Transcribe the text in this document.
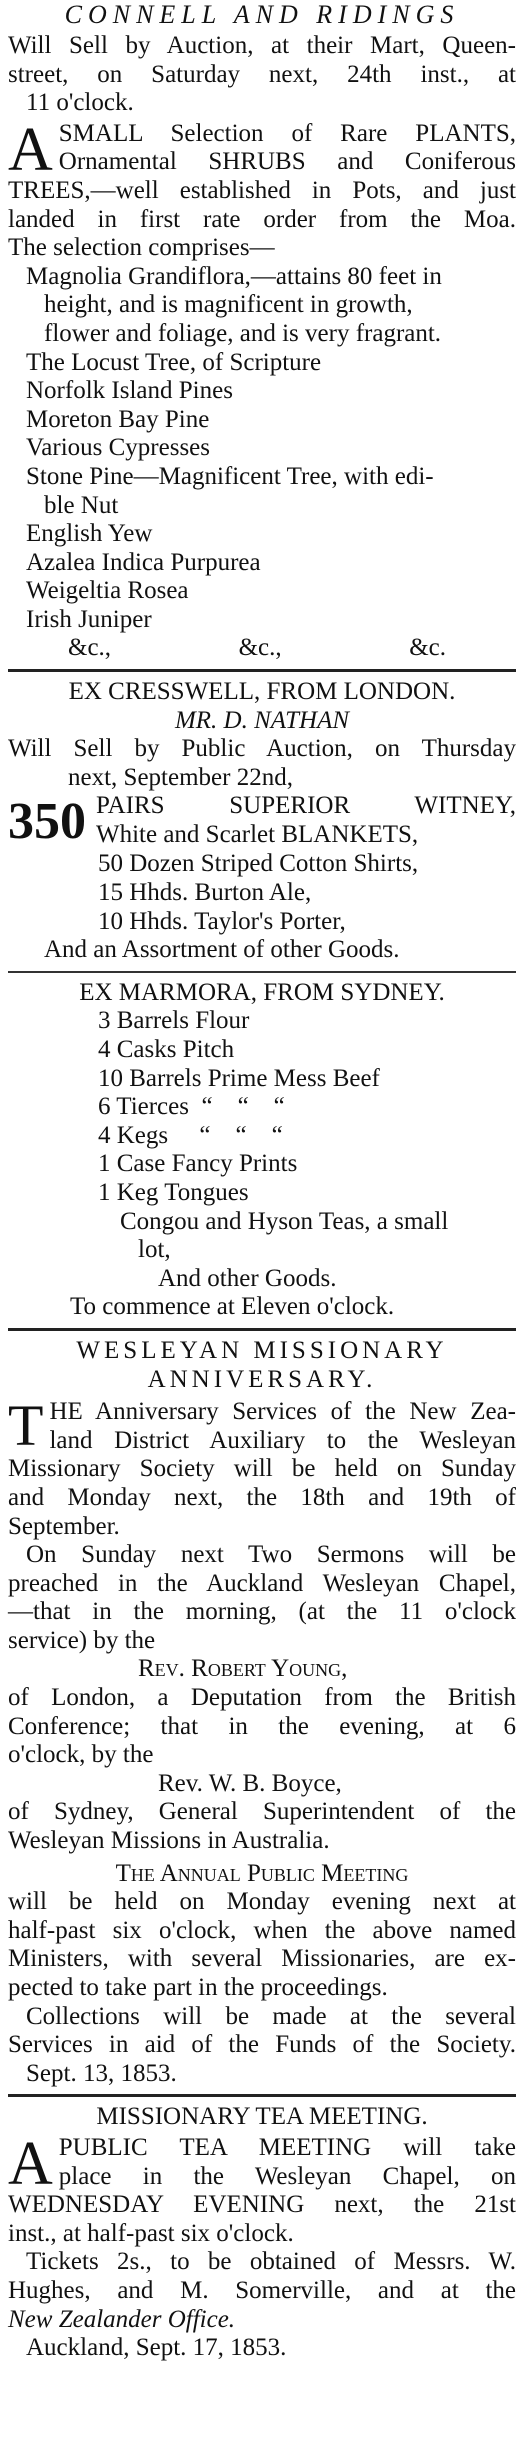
CONNELL AND RIDINGS

Will Sell by Auction, at their Mart, Queen-

street, on Saturday next, 24th inst., at

11 o'clock.

A SMALL Selection of Rare PLANTS,

Ornamental SHRUBS and Coniferous

TREES,—well established in Pots, and just

landed in first rate order from the Moa.

The selection comprises—

Magnolia Grandiflora,—attains 80 feet in

height, and is magnificent in growth,

flower and foliage, and is very fragrant.

The Locust Tree, of Scripture

Norfolk Island Pines

Moreton Bay Pine

Various Cypresses

Stone Pine—Magnificent Tree, with edi-

ble Nut

English Yew

Azalea Indica Purpurea

Weigeltia Rosea

Irish Juniper

&c.,	&c.,	&c.

EX CRESSWELL, FROM LONDON.

MR. D. NATHAN

Will Sell by Public Auction, on Thursday

next, September 22nd,

350 PAIRS SUPERIOR WITNEY,

White and Scarlet BLANKETS,

50 Dozen Striped Cotton Shirts,

15 Hhds. Burton Ale,

10 Hhds. Taylor's Porter,

And an Assortment of other Goods.

EX MARMORA, FROM SYDNEY.

3 Barrels Flour

4 Casks Pitch

10 Barrels Prime Mess Beef

6 Tierces  “    “    “

4 Kegs     “    “    “

1 Case Fancy Prints

1 Keg Tongues

Congou and Hyson Teas, a small

lot,

And other Goods.

To commence at Eleven o'clock.

WESLEYAN MISSIONARY

ANNIVERSARY.

T HE Anniversary Services of the New Zea-

land District Auxiliary to the Wesleyan

Missionary Society will be held on Sunday

and Monday next, the 18th and 19th of

September.

On Sunday next Two Sermons will be

preached in the Auckland Wesleyan Chapel,

—that in the morning, (at the 11 o'clock

service) by the

Rev. Robert Young,

of London, a Deputation from the British

Conference; that in the evening, at 6

o'clock, by the

Rev. W. B. Boyce,

of Sydney, General Superintendent of the

Wesleyan Missions in Australia.

The Annual Public Meeting

will be held on Monday evening next at

half-past six o'clock, when the above named

Ministers, with several Missionaries, are ex-

pected to take part in the proceedings.

Collections will be made at the several

Services in aid of the Funds of the Society.

Sept. 13, 1853.

MISSIONARY TEA MEETING.

A PUBLIC TEA MEETING will take

place in the Wesleyan Chapel, on

WEDNESDAY EVENING next, the 21st

inst., at half-past six o'clock.

Tickets 2s., to be obtained of Messrs. W.

Hughes, and M. Somerville, and at the

New Zealander Office.

Auckland, Sept. 17, 1853.
